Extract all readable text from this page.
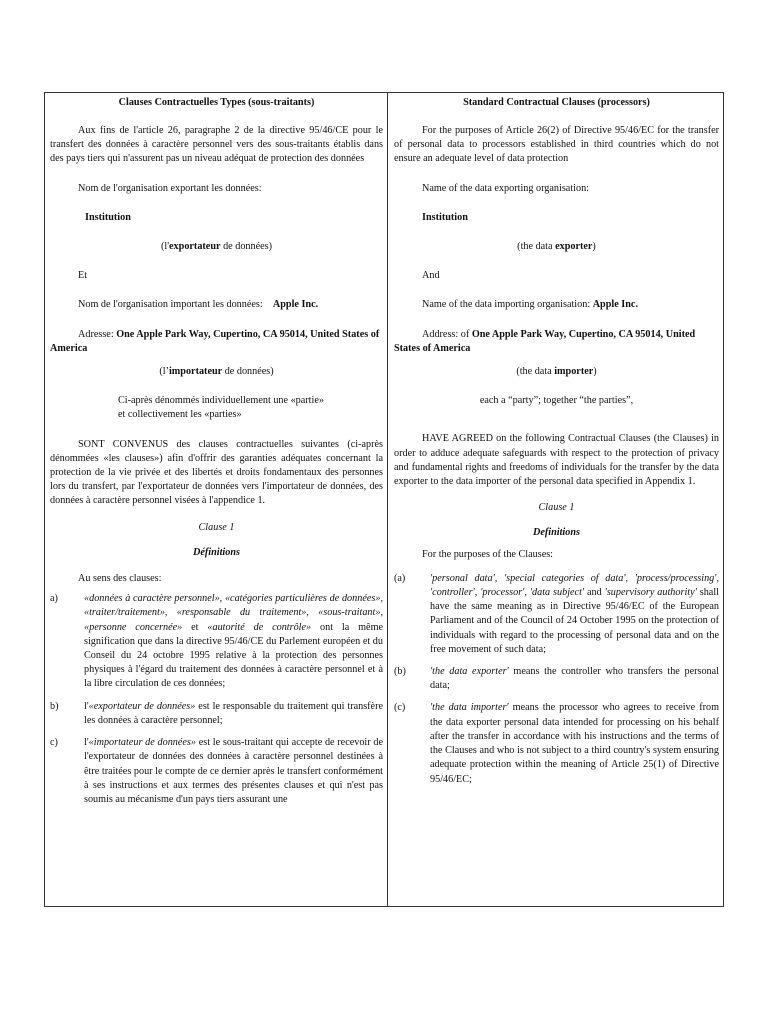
Clauses Contractuelles Types (sous-traitants)

Aux fins de l'article 26, paragraphe 2 de la directive 95/46/CE pour le transfert des données à caractère personnel vers des sous-traitants établis dans des pays tiers qui n'assurent pas un niveau adéquat de protection des données

Nom de l'organisation exportant les données:

Institution

(l'exportateur de données)

Et

Nom de l'organisation important les données: Apple Inc.

Adresse: One Apple Park Way, Cupertino, CA 95014, United States of America

(l’importateur de données)

Ci-après dénommés individuellement une «partie»

et collectivement les «parties»

SONT CONVENUS des clauses contractuelles suivantes (ci-après dénommées «les clauses») afin d'offrir des garanties adéquates concernant la protection de la vie privée et des libertés et droits fondamentaux des personnes lors du transfert, par l'exportateur de données vers l'importateur de données, des données à caractère personnel visées à l'appendice 1.

Clause 1

Définitions

Au sens des clauses:

a)	«données à caractère personnel», «catégories particulières de données», «traiter/traitement», «responsable du traitement», «sous-traitant», «personne concernée» et «autorité de contrôle» ont la même signification que dans la directive 95/46/CE du Parlement européen et du Conseil du 24 octobre 1995 relative à la protection des personnes physiques à l'égard du traitement des données à caractère personnel et à la libre circulation de ces données;
b)	l'«exportateur de données» est le responsable du traitement qui transfère les données à caractère personnel;
c)	l'«importateur de données» est le sous-traitant qui accepte de recevoir de l'exportateur de données des données à caractère personnel destinées à être traitées pour le compte de ce dernier après le transfert conformément à ses instructions et aux termes des présentes clauses et qui n'est pas soumis au mécanisme d'un pays tiers assurant une

Standard Contractual Clauses (processors)

For the purposes of Article 26(2) of Directive 95/46/EC for the transfer of personal data to processors established in third countries which do not ensure an adequate level of data protection

Name of the data exporting organisation:

Institution

(the data exporter)

And

Name of the data importing organisation: Apple Inc.

Address: of One Apple Park Way, Cupertino, CA 95014, United States of America

(the data importer)

each a “party”; together “the parties”,

HAVE AGREED on the following Contractual Clauses (the Clauses) in order to adduce adequate safeguards with respect to the protection of privacy and fundamental rights and freedoms of individuals for the transfer by the data exporter to the data importer of the personal data specified in Appendix 1.

Clause 1

Definitions

For the purposes of the Clauses:

(a)	'personal data', 'special categories of data', 'process/processing', 'controller', 'processor', 'data subject' and 'supervisory authority' shall have the same meaning as in Directive 95/46/EC of the European Parliament and of the Council of 24 October 1995 on the protection of individuals with regard to the processing of personal data and on the free movement of such data;
(b)	'the data exporter' means the controller who transfers the personal data;
(c)	'the data importer' means the processor who agrees to receive from the data exporter personal data intended for processing on his behalf after the transfer in accordance with his instructions and the terms of the Clauses and who is not subject to a third country's system ensuring adequate protection within the meaning of Article 25(1) of Directive 95/46/EC;
